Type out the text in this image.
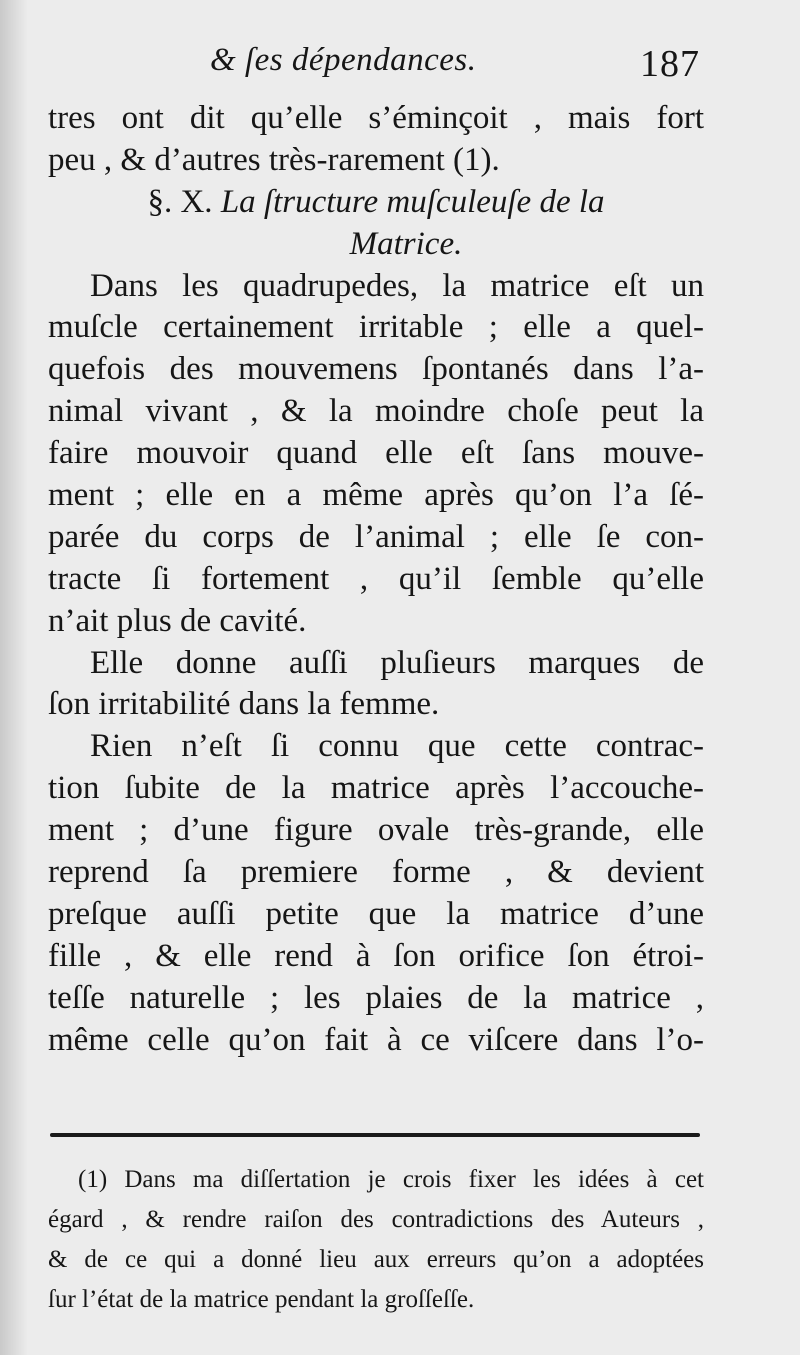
& ſes dépendances.	187
tres ont dit qu’elle s’éminçoit , mais fort
peu , & d’autres très-rarement (1).
§. X. La ſtructure muſculeuſe de la
Matrice.
Dans les quadrupedes, la matrice eſt un
muſcle certainement irritable ; elle a quel-
quefois des mouvemens ſpontanés dans l’a-
nimal vivant , & la moindre choſe peut la
faire mouvoir quand elle eſt ſans mouve-
ment ; elle en a même après qu’on l’a ſé-
parée du corps de l’animal ; elle ſe con-
tracte ſi fortement , qu’il ſemble qu’elle
n’ait plus de cavité.
Elle donne auſſi pluſieurs marques de
ſon irritabilité dans la femme.
Rien n’eſt ſi connu que cette contrac-
tion ſubite de la matrice après l’accouche-
ment ; d’une figure ovale très-grande, elle
reprend ſa premiere forme , & devient
preſque auſſi petite que la matrice d’une
fille , & elle rend à ſon orifice ſon étroi-
teſſe naturelle ; les plaies de la matrice ,
même celle qu’on fait à ce viſcere dans l’o-
(1) Dans ma diſſertation je crois fixer les idées à cet
égard , & rendre raiſon des contradictions des Auteurs ,
& de ce qui a donné lieu aux erreurs qu’on a adoptées
ſur l’état de la matrice pendant la groſſeſſe.
